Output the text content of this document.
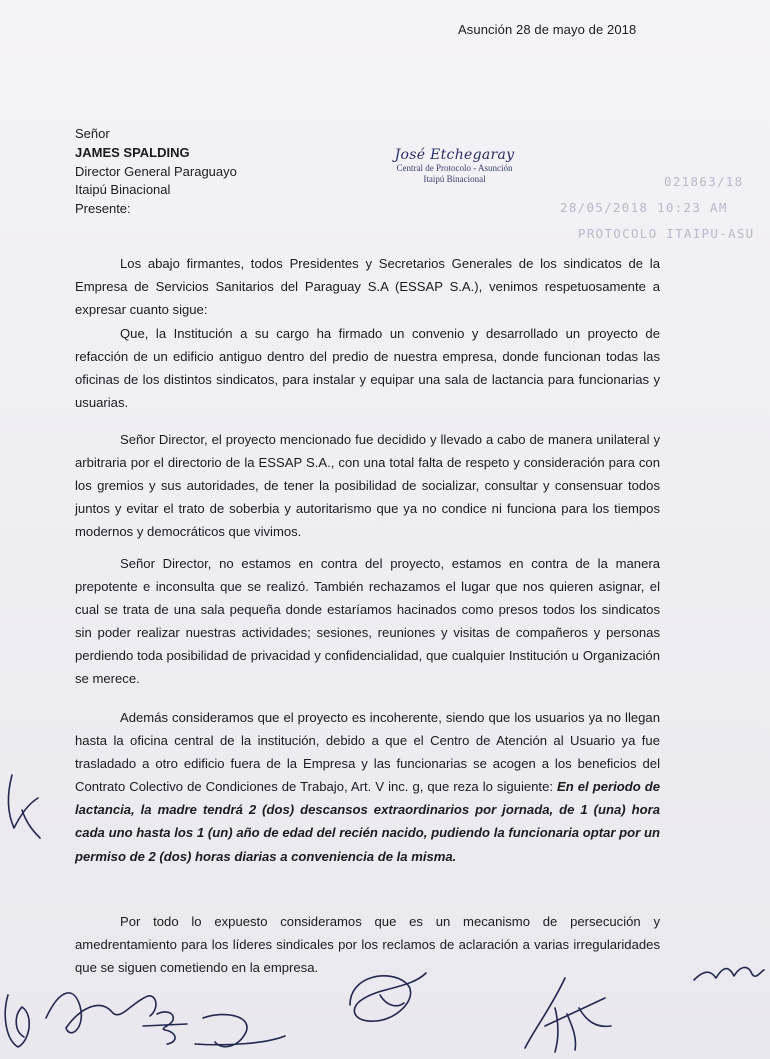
Asunción 28 de mayo de 2018
Señor
JAMES SPALDING
Director General Paraguayo
Itaipú Binacional
Presente:
José Etchegaray
Central de Protocolo - Asunción
Itaipú Binacional	021863/18
28/05/2018 10:23 AM
PROTOCOLO ITAIPU-ASU

Los abajo firmantes, todos Presidentes y Secretarios Generales de los sindicatos de la Empresa de Servicios Sanitarios del Paraguay S.A (ESSAP S.A.), venimos respetuosamente a expresar cuanto sigue:

Que, la Institución a su cargo ha firmado un convenio y desarrollado un proyecto de refacción de un edificio antiguo dentro del predio de nuestra empresa, donde funcionan todas las oficinas de los distintos sindicatos, para instalar y equipar una sala de lactancia para funcionarias y usuarias.

Señor Director, el proyecto mencionado fue decidido y llevado a cabo de manera unilateral y arbitraria por el directorio de la ESSAP S.A., con una total falta de respeto y consideración para con los gremios y sus autoridades, de tener la posibilidad de socializar, consultar y consensuar todos juntos y evitar el trato de soberbia y autoritarismo que ya no condice ni funciona para los tiempos modernos y democráticos que vivimos.

Señor Director, no estamos en contra del proyecto, estamos en contra de la manera prepotente e inconsulta que se realizó. También rechazamos el lugar que nos quieren asignar, el cual se trata de una sala pequeña donde estaríamos hacinados como presos todos los sindicatos sin poder realizar nuestras actividades; sesiones, reuniones y visitas de compañeros y personas perdiendo toda posibilidad de privacidad y confidencialidad, que cualquier Institución u Organización se merece.

Además consideramos que el proyecto es incoherente, siendo que los usuarios ya no llegan hasta la oficina central de la institución, debido a que el Centro de Atención al Usuario ya fue trasladado a otro edificio fuera de la Empresa y las funcionarias se acogen a los beneficios del Contrato Colectivo de Condiciones de Trabajo, Art. V inc. g, que reza lo siguiente: En el periodo de lactancia, la madre tendrá 2 (dos) descansos extraordinarios por jornada, de 1 (una) hora cada uno hasta los 1 (un) año de edad del recién nacido, pudiendo la funcionaria optar por un permiso de 2 (dos) horas diarias a conveniencia de la misma.

Por todo lo expuesto consideramos que es un mecanismo de persecución y amedrentamiento para los líderes sindicales por los reclamos de aclaración a varias irregularidades que se siguen cometiendo en la empresa.
